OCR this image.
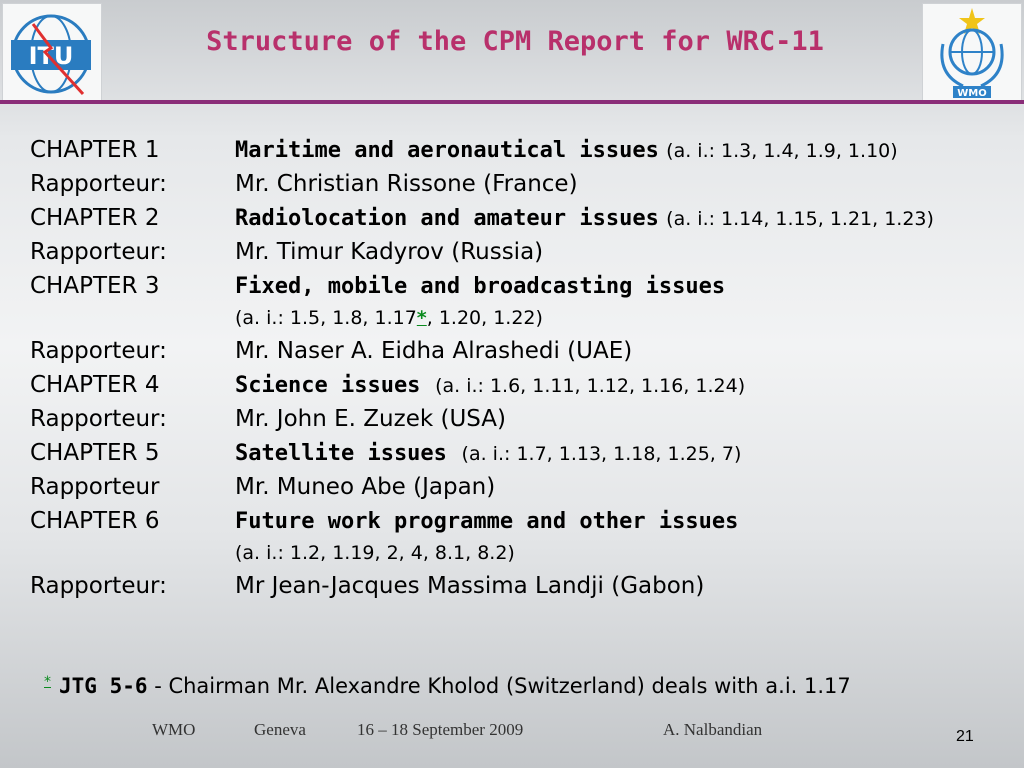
ITU	Structure of the CPM Report for WRC-11
WMO
CHAPTER 1	Maritime and aeronautical issues (a. i.: 1.3, 1.4, 1.9, 1.10)
Rapporteur:	Mr. Christian Rissone (France)
CHAPTER 2	Radiolocation and amateur issues (a. i.: 1.14, 1.15, 1.21, 1.23)
Rapporteur:	Mr. Timur Kadyrov (Russia)
CHAPTER 3	Fixed, mobile and broadcasting issues
(a. i.: 1.5, 1.8, 1.17*, 1.20, 1.22)
Rapporteur:	Mr. Naser A. Eidha Alrashedi (UAE)
CHAPTER 4	Science issues (a. i.: 1.6, 1.11, 1.12, 1.16, 1.24)
Rapporteur:	Mr. John E. Zuzek (USA)
CHAPTER 5	Satellite issues (a. i.: 1.7, 1.13, 1.18, 1.25, 7)
Rapporteur	Mr. Muneo Abe (Japan)
CHAPTER 6	Future work programme and other issues
(a. i.: 1.2, 1.19, 2, 4, 8.1, 8.2)
Rapporteur:	Mr Jean-Jacques Massima Landji (Gabon)
* JTG 5-6 - Chairman Mr. Alexandre Kholod (Switzerland) deals with a.i. 1.17
WMO	Geneva	16 – 18 September 2009	A. Nalbandian	21
